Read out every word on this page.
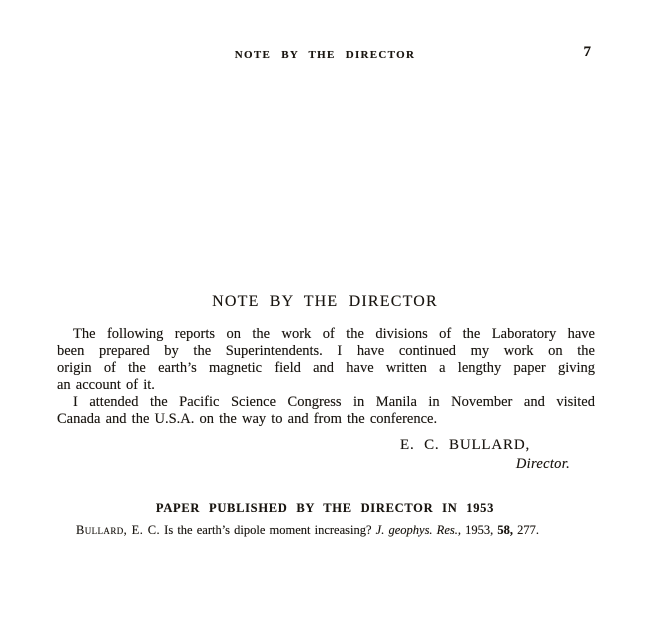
NOTE BY THE DIRECTOR	7
NOTE BY THE DIRECTOR
The following reports on the work of the divisions of the Laboratory have
been prepared by the Superintendents. I have continued my work on the
origin of the earth’s magnetic field and have written a lengthy paper giving
an account of it.
I attended the Pacific Science Congress in Manila in November and visited
Canada and the U.S.A. on the way to and from the conference.
E. C. BULLARD,
Director.
PAPER PUBLISHED BY THE DIRECTOR IN 1953

Bullard, E. C. Is the earth’s dipole moment increasing? J. geophys. Res., 1953, 58, 277.
